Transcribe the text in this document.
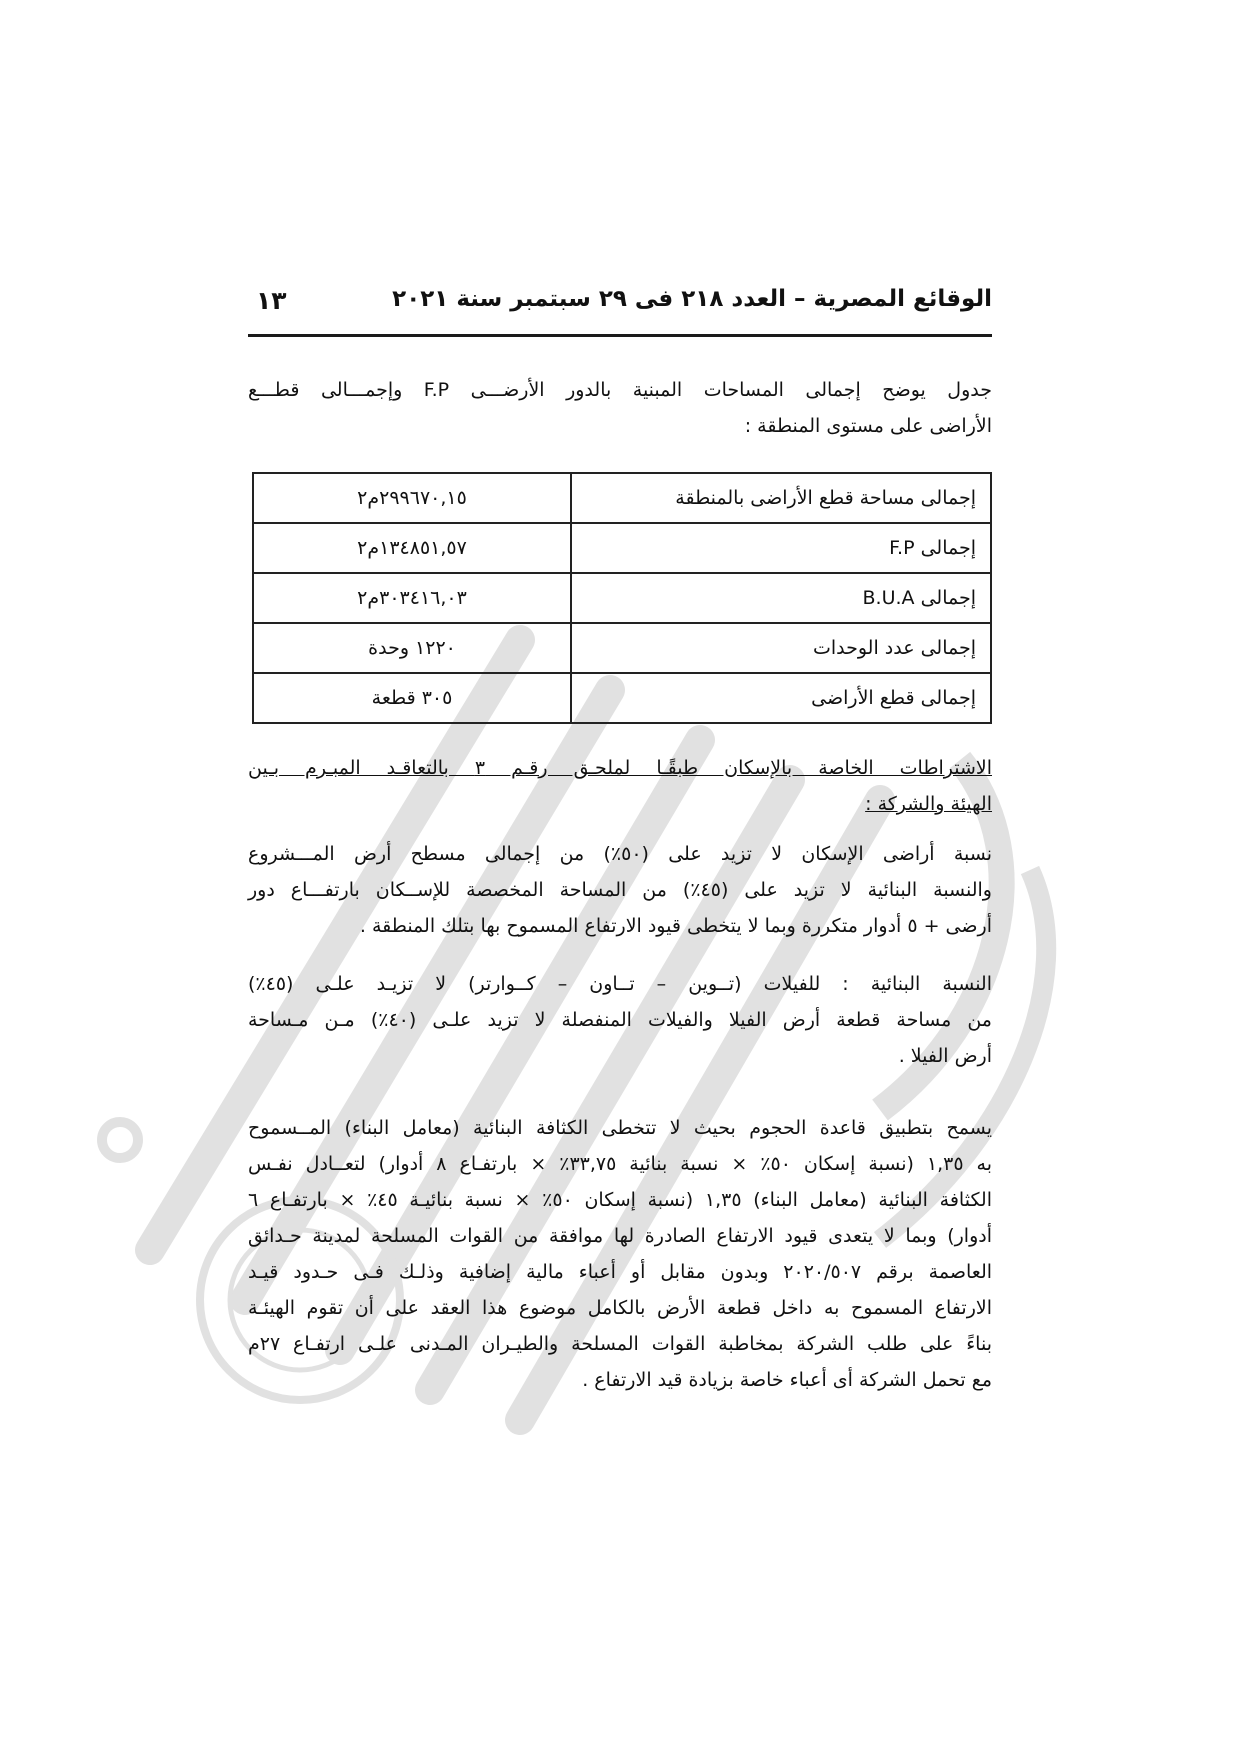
الوقائع المصرية – العدد ٢١٨ فى ٢٩ سبتمبر سنة ٢٠٢١
١٣
جدول يوضح إجمالى المساحات المبنية بالدور الأرضـــى F.P وإجمـــالى قطـــع
الأراضى على مستوى المنطقة :
إجمالى مساحة قطع الأراضى بالمنطقة	٢٩٩٦٧٠,١٥م٢
إجمالى F.P	١٣٤٨٥١,٥٧م٢
إجمالى B.U.A	٣٠٣٤١٦,٠٣م٢
إجمالى عدد الوحدات	١٢٢٠ وحدة
إجمالى قطع الأراضى	٣٠٥ قطعة
الاشتراطات الخاصة بالإسكان طبقًـا لملحـق رقـم ٣ بالتعاقـد المبـرم بـين
الهيئة والشركة :
نسبة أراضى الإسكان لا تزيد على (٥٠٪) من إجمالى مسطح أرض المـــشروع
والنسبة البنائية لا تزيد على (٤٥٪) من المساحة المخصصة للإســكان بارتفـــاع دور
أرضى + ٥ أدوار متكررة وبما لا يتخطى قيود الارتفاع المسموح بها بتلك المنطقة .
النسبة البنائية : للفيلات (تــوين – تــاون – كــوارتر) لا تزيـد علـى (٤٥٪)
من مساحة قطعة أرض الفيلا والفيلات المنفصلة لا تزيد علـى (٤٠٪) مـن مـساحة
أرض الفيلا .
يسمح بتطبيق قاعدة الحجوم بحيث لا تتخطى الكثافة البنائية (معامل البناء) المــسموح
به ١,٣٥ (نسبة إسكان ٥٠٪ × نسبة بنائية ٣٣,٧٥٪ × بارتفـاع ٨ أدوار) لتعــادل نفـس
الكثافة البنائية (معامل البناء) ١,٣٥ (نسبة إسكان ٥٠٪ × نسبة بنائيـة ٤٥٪ × بارتفـاع ٦
أدوار) وبما لا يتعدى قيود الارتفاع الصادرة لها موافقة من القوات المسلحة لمدينة حـدائق
العاصمة برقم ٢٠٢٠/٥٠٧ وبدون مقابل أو أعباء مالية إضافية وذلـك فـى حـدود قيـد
الارتفاع المسموح به داخل قطعة الأرض بالكامل موضوع هذا العقد على أن تقوم الهيئـة
بناءً على طلب الشركة بمخاطبة القوات المسلحة والطيـران المـدنى علـى ارتفـاع ٢٧م
مع تحمل الشركة أى أعباء خاصة بزيادة قيد الارتفاع .
